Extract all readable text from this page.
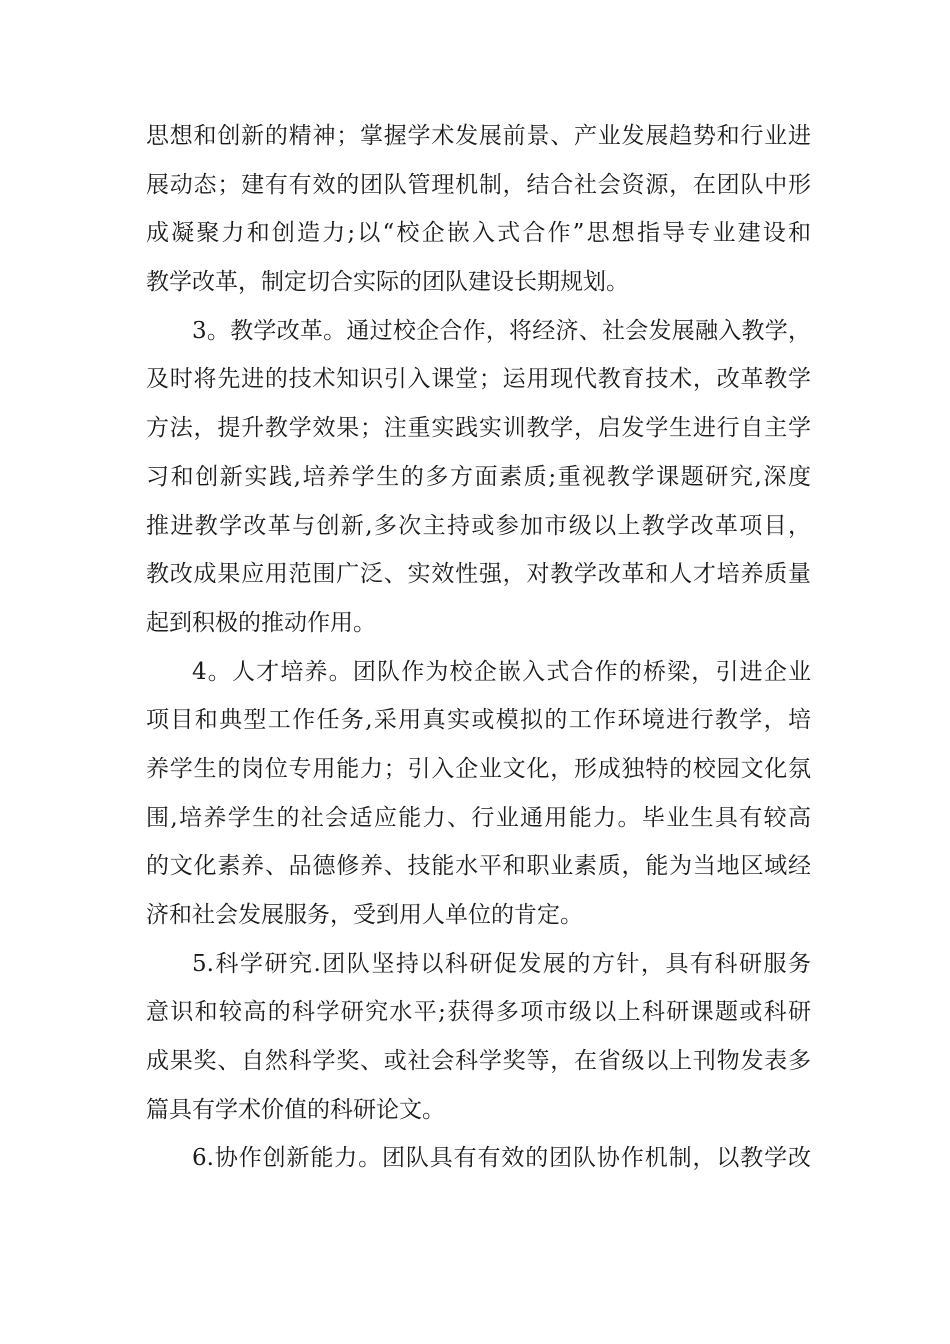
思想和创新的精神；掌握学术发展前景、产业发展趋势和行业进
展动态；建有有效的团队管理机制，结合社会资源，在团队中形
成凝聚力和创造力;以“校企嵌入式合作”思想指导专业建设和
教学改革，制定切合实际的团队建设长期规划。
3。教学改革。通过校企合作，将经济、社会发展融入教学，
及时将先进的技术知识引入课堂；运用现代教育技术，改革教学
方法，提升教学效果；注重实践实训教学，启发学生进行自主学
习和创新实践,培养学生的多方面素质;重视教学课题研究,深度
推进教学改革与创新,多次主持或参加市级以上教学改革项目，
教改成果应用范围广泛、实效性强，对教学改革和人才培养质量
起到积极的推动作用。
4。人才培养。团队作为校企嵌入式合作的桥梁，引进企业
项目和典型工作任务,采用真实或模拟的工作环境进行教学，培
养学生的岗位专用能力；引入企业文化，形成独特的校园文化氛
围,培养学生的社会适应能力、行业通用能力。毕业生具有较高
的文化素养、品德修养、技能水平和职业素质，能为当地区域经
济和社会发展服务，受到用人单位的肯定。
5.科学研究.团队坚持以科研促发展的方针，具有科研服务
意识和较高的科学研究水平;获得多项市级以上科研课题或科研
成果奖、自然科学奖、或社会科学奖等，在省级以上刊物发表多
篇具有学术价值的科研论文。
6.协作创新能力。团队具有有效的团队协作机制，以教学改
